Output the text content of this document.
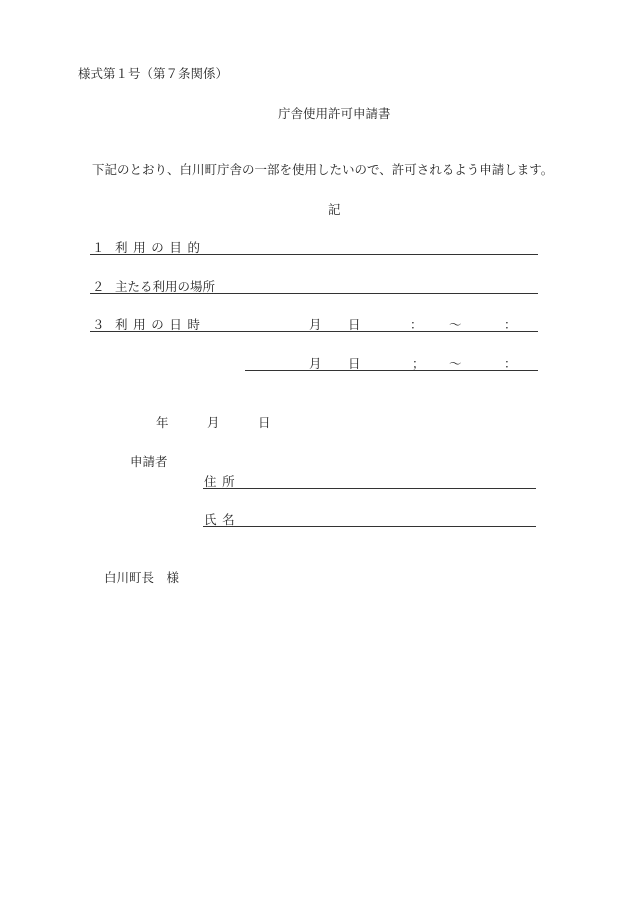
様式第１号（第７条関係）
庁舎使用許可申請書
下記のとおり、白川町庁舎の一部を使用したいので、許可されるよう申請します。
記
１ 利用の目的
２ 主たる利用の場所
３ 利用の日時	月 日	： 〜	：
月 日	； 〜	：
年	月	日
申請者
住所
氏名
白川町長　様
